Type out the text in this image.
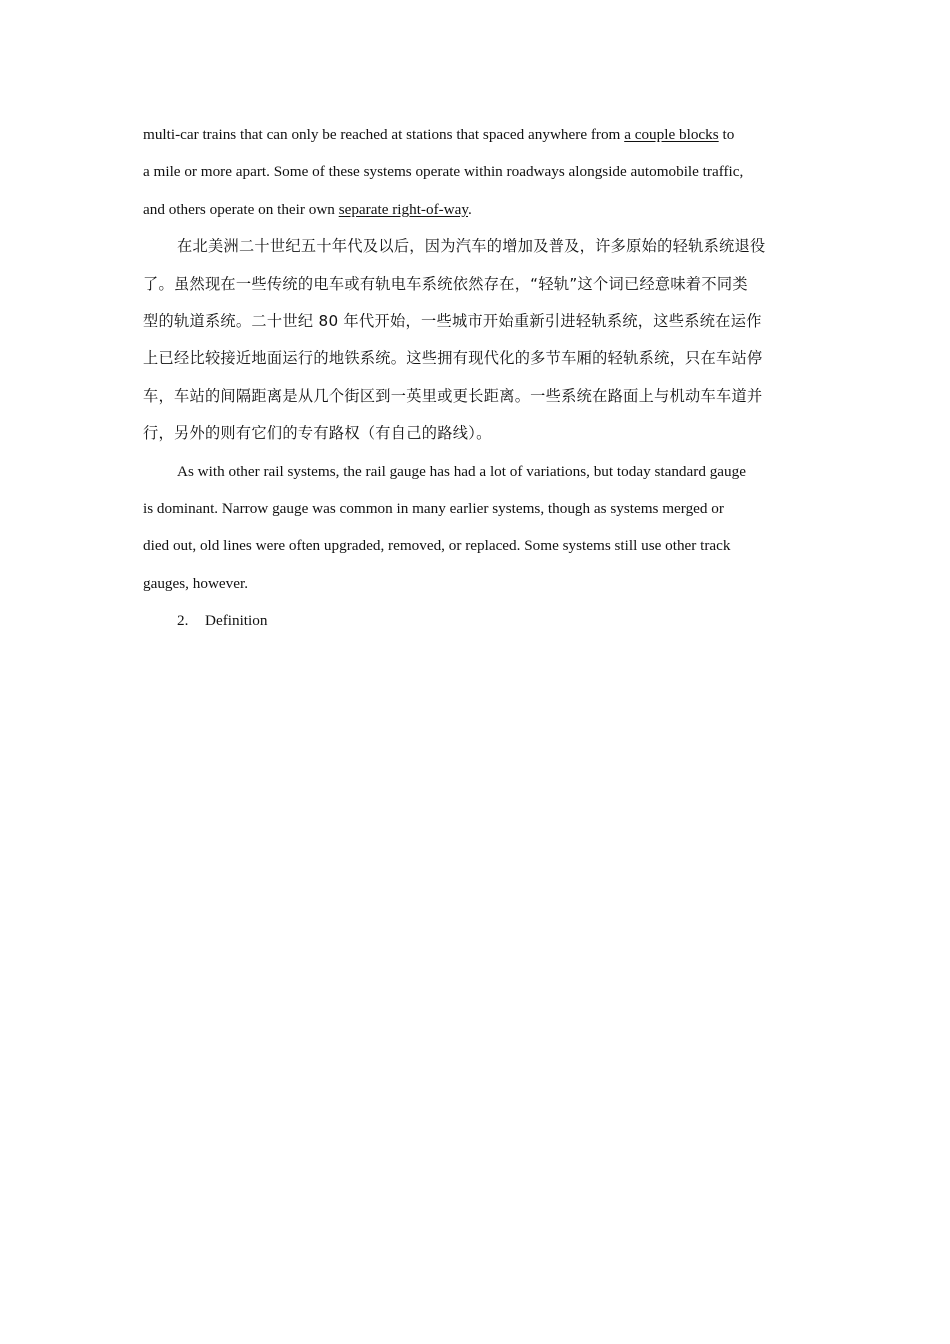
multi-car trains that can only be reached at stations that spaced anywhere from a couple blocks to

a mile or more apart. Some of these systems operate within roadways alongside automobile traffic,

and others operate on their own separate right-of-way.

在北美洲二十世纪五十年代及以后，因为汽车的增加及普及，许多原始的轻轨系统退役

了。虽然现在一些传统的电车或有轨电车系统依然存在，“轻轨”这个词已经意味着不同类

型的轨道系统。二十世纪 80 年代开始，一些城市开始重新引进轻轨系统，这些系统在运作

上已经比较接近地面运行的地铁系统。这些拥有现代化的多节车厢的轻轨系统，只在车站停

车，车站的间隔距离是从几个街区到一英里或更长距离。一些系统在路面上与机动车车道并

行，另外的则有它们的专有路权（有自己的路线）。

As with other rail systems, the rail gauge has had a lot of variations, but today standard gauge

is dominant. Narrow gauge was common in many earlier systems, though as systems merged or

died out, old lines were often upgraded, removed, or replaced. Some systems still use other track

gauges, however.

2. Definition
